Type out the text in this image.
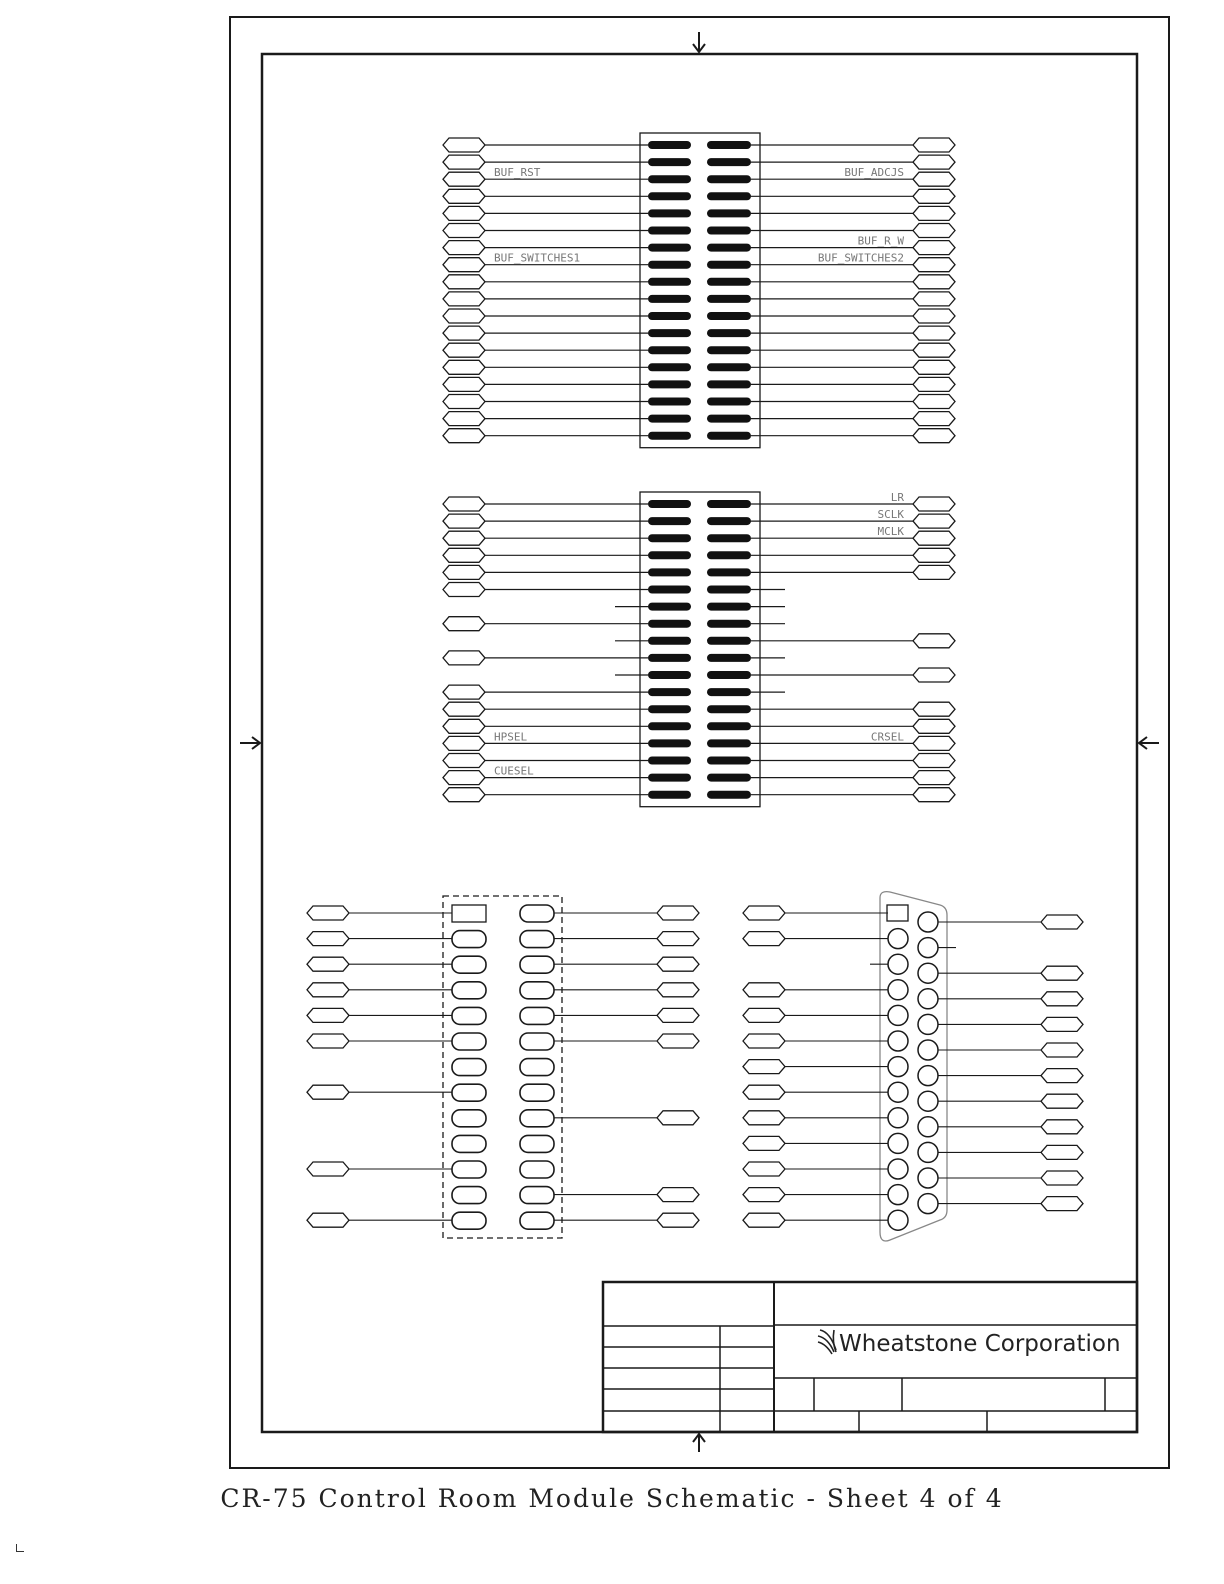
BUF_RST
BUF_SWITCHES1
BUF_ADCJS
BUF_R_W
BUF_SWITCHES2
HPSEL
CUESEL
LR
SCLK
MCLK
CRSEL
Wheatstone Corporation
CR-75 Control Room Module Schematic - Sheet 4 of 4
